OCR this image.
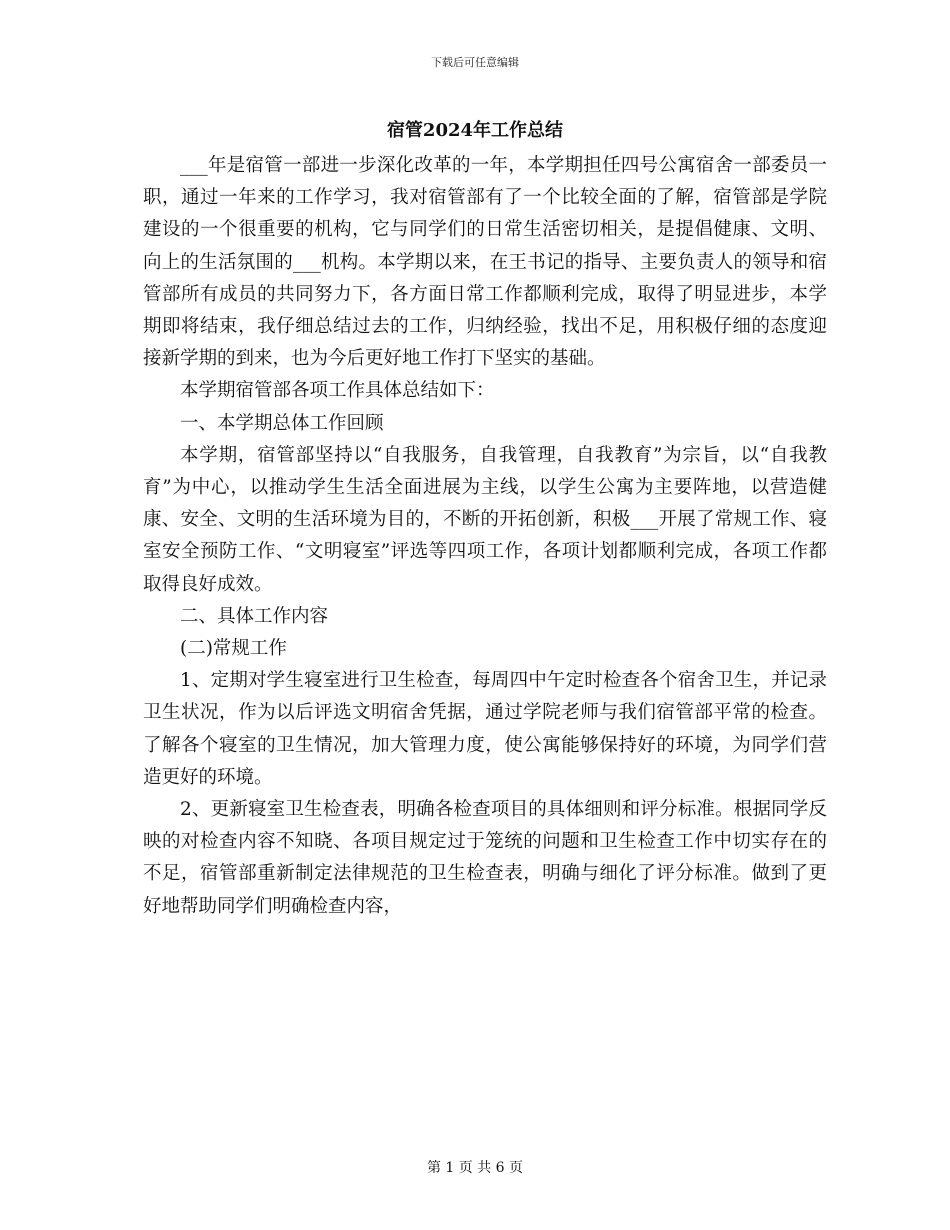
下载后可任意编辑
宿管2024年工作总结

___年是宿管一部进一步深化改革的一年，本学期担任四号公寓宿舍一部委员一职，通过一年来的工作学习，我对宿管部有了一个比较全面的了解，宿管部是学院建设的一个很重要的机构，它与同学们的日常生活密切相关，是提倡健康、文明、向上的生活氛围的___机构。本学期以来，在王书记的指导、主要负责人的领导和宿管部所有成员的共同努力下，各方面日常工作都顺利完成，取得了明显进步，本学期即将结束，我仔细总结过去的工作，归纳经验，找出不足，用积极仔细的态度迎接新学期的到来，也为今后更好地工作打下坚实的基础。

本学期宿管部各项工作具体总结如下：

一、本学期总体工作回顾

本学期，宿管部坚持以“自我服务，自我管理，自我教育”为宗旨，以“自我教育”为中心，以推动学生生活全面进展为主线，以学生公寓为主要阵地，以营造健康、安全、文明的生活环境为目的，不断的开拓创新，积极___开展了常规工作、寝室安全预防工作、“文明寝室”评选等四项工作，各项计划都顺利完成，各项工作都取得良好成效。

二、具体工作内容

(二)常规工作

1、定期对学生寝室进行卫生检查，每周四中午定时检查各个宿舍卫生，并记录卫生状况，作为以后评选文明宿舍凭据，通过学院老师与我们宿管部平常的检查。了解各个寝室的卫生情况，加大管理力度，使公寓能够保持好的环境，为同学们营造更好的环境。

2、更新寝室卫生检查表，明确各检查项目的具体细则和评分标准。根据同学反映的对检查内容不知晓、各项目规定过于笼统的问题和卫生检查工作中切实存在的不足，宿管部重新制定法律规范的卫生检查表，明确与细化了评分标准。做到了更好地帮助同学们明确检查内容，

第 1 页 共 6 页
